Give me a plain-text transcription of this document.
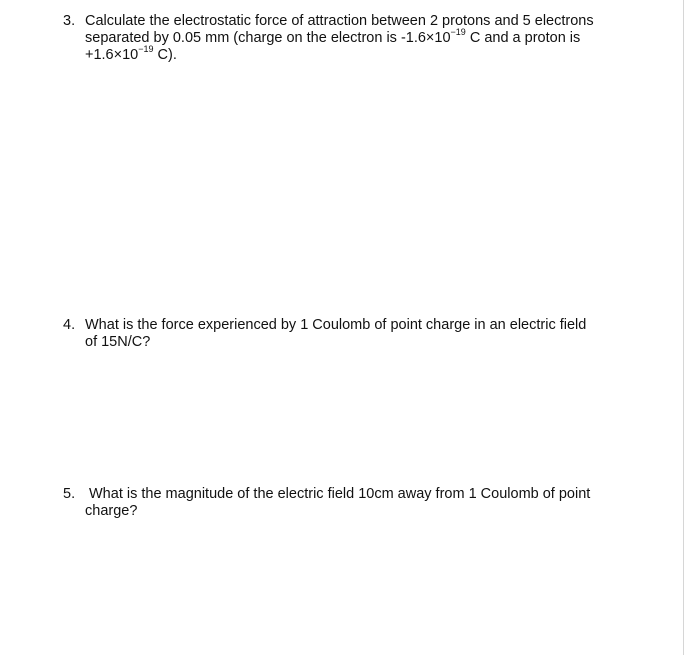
3. Calculate the electrostatic force of attraction between 2 protons and 5 electrons
separated by 0.05 mm (charge on the electron is $-1.6\times 10^{-19}$ C and a proton is
$+1.6\times 10^{-19}$ C).
4. What is the force experienced by 1 Coulomb of point charge in an electric field
of 15N/C?
5. What is the magnitude of the electric field 10cm away from 1 Coulomb of point
charge?
